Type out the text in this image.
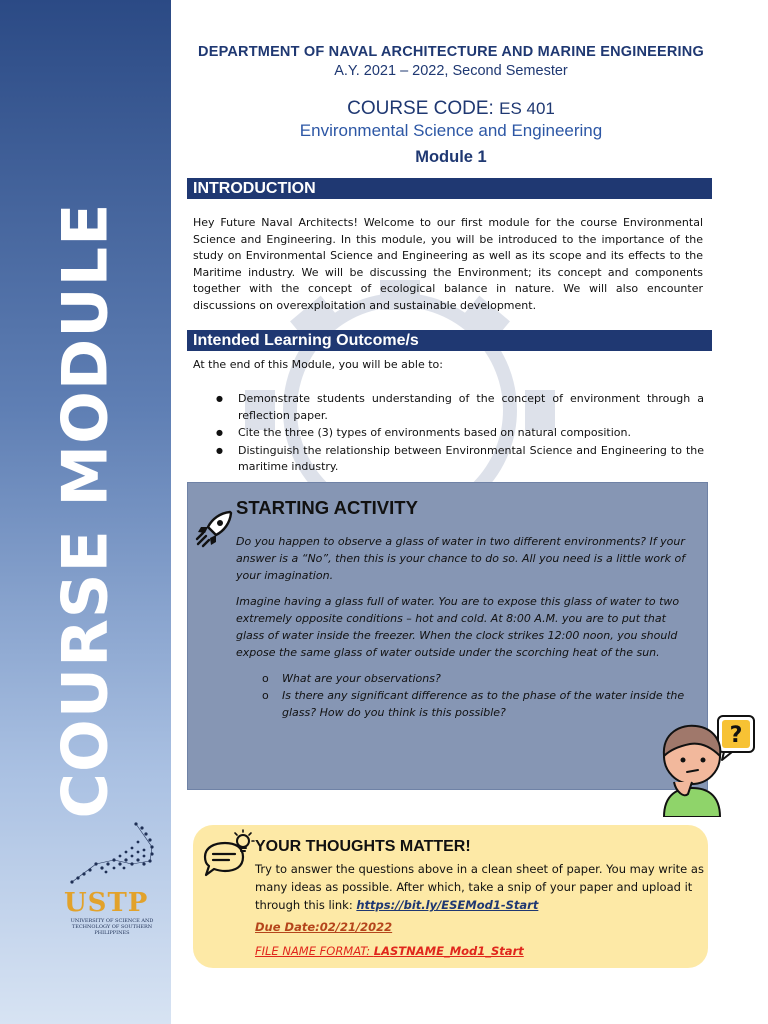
COURSE MODULE
USTP
UNIVERSITY OF SCIENCE AND TECHNOLOGY OF SOUTHERN PHILIPPINES
DEPARTMENT OF NAVAL ARCHITECTURE AND MARINE ENGINEERING
A.Y. 2021 – 2022, Second Semester
COURSE CODE: ES 401
Environmental Science and Engineering
Module 1
INTRODUCTION
Hey Future Naval Architects! Welcome to our first module for the course Environmental Science and Engineering. In this module, you will be introduced to the importance of the study on Environmental Science and Engineering as well as its scope and its effects to the Maritime industry. We will be discussing the Environment; its concept and components together with the concept of ecological balance in nature. We will also encounter discussions on overexploitation and sustainable development.
Intended Learning Outcome/s
At the end of this Module, you will be able to:
● Demonstrate students understanding of the concept of environment through a reflection paper.
● Cite the three (3) types of environments based on natural composition.
● Distinguish the relationship between Environmental Science and Engineering to the maritime industry.
STARTING ACTIVITY

Do you happen to observe a glass of water in two different environments? If your answer is a “No”, then this is your chance to do so. All you need is a little work of your imagination.

Imagine having a glass full of water. You are to expose this glass of water to two extremely opposite conditions – hot and cold. At 8:00 A.M. you are to put that glass of water inside the freezer. When the clock strikes 12:00 noon, you should expose the same glass of water outside under the scorching heat of the sun.

o What are your observations?
o Is there any significant difference as to the phase of the water inside the glass? How do you think is this possible?
?
YOUR THOUGHTS MATTER!
Try to answer the questions above in a clean sheet of paper. You may write as many ideas as possible. After which, take a snip of your paper and upload it through this link: https://bit.ly/ESEMod1-Start
Due Date:02/21/2022
FILE NAME FORMAT: LASTNAME_Mod1_Start
